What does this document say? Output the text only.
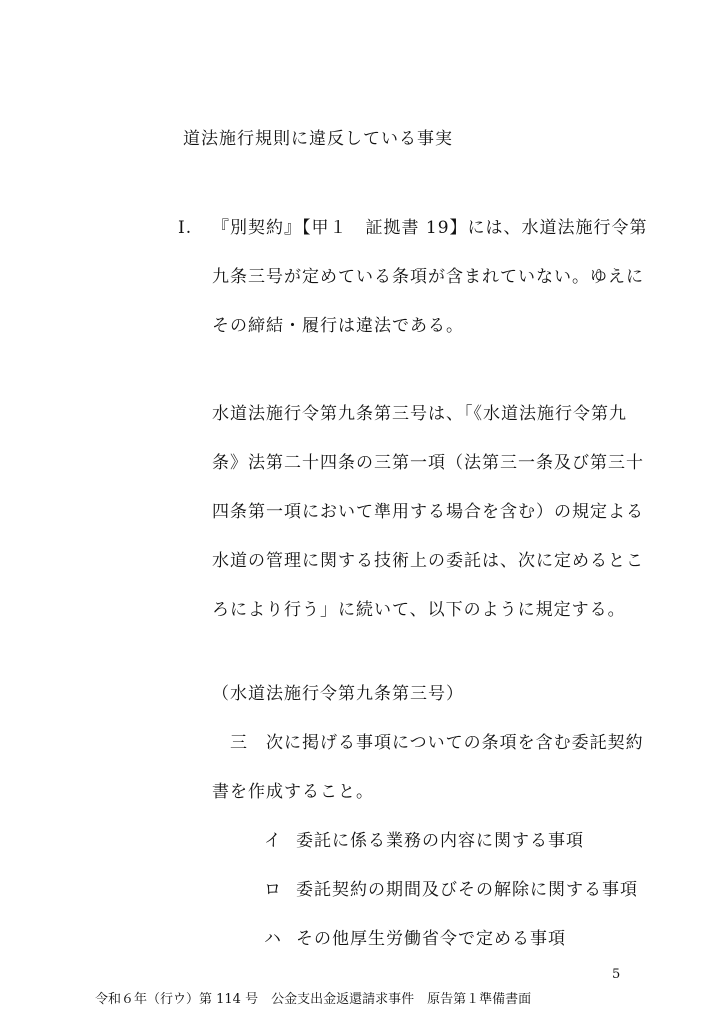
道法施行規則に違反している事実
I. 『別契約』【甲１　証拠書 19】には、水道法施行令第
九条三号が定めている条項が含まれていない。ゆえに
その締結・履行は違法である。
水道法施行令第九条第三号は、「《水道法施行令第九
条》法第二十四条の三第一項（法第三一条及び第三十
四条第一項において準用する場合を含む）の規定よる
水道の管理に関する技術上の委託は、次に定めるとこ
ろにより行う」に続いて、以下のように規定する。
（水道法施行令第九条第三号）
三　次に掲げる事項についての条項を含む委託契約
書を作成すること。
イ 委託に係る業務の内容に関する事項
ロ 委託契約の期間及びその解除に関する事項
ハ その他厚生労働省令で定める事項
5
令和６年（行ウ）第 114 号　公金支出金返還請求事件　原告第１準備書面
